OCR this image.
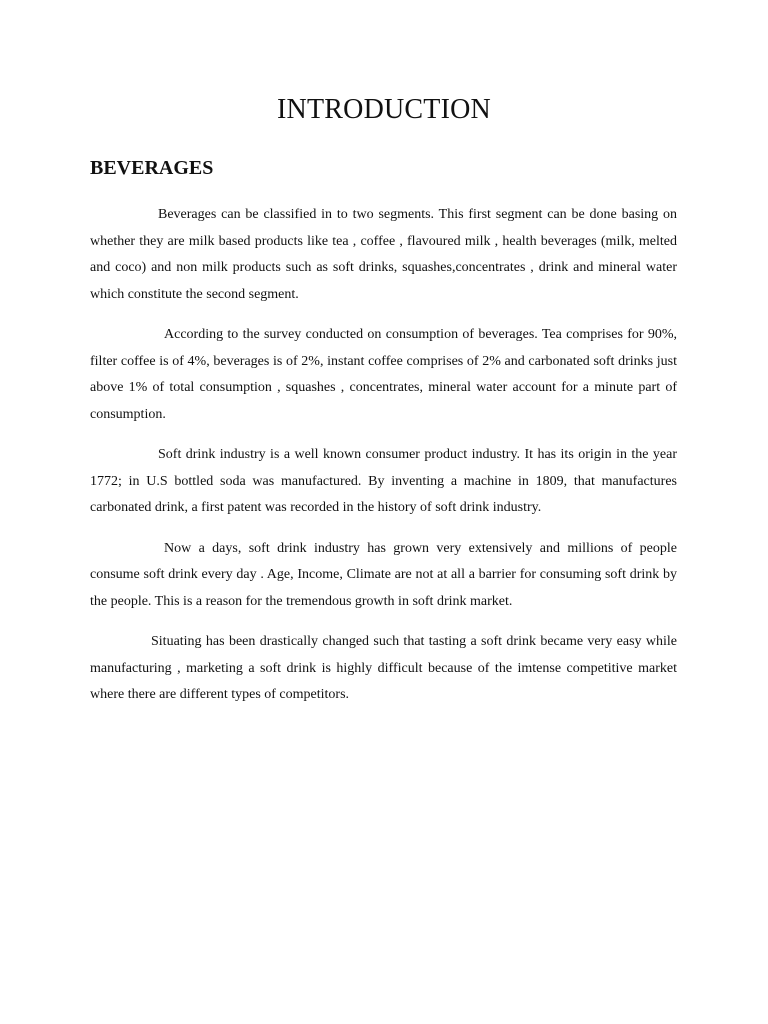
INTRODUCTION
BEVERAGES

Beverages can be classified in to two segments. This first segment can be done basing on whether they are milk based products like tea , coffee , flavoured milk , health beverages (milk, melted and coco) and non milk products such as soft drinks, squashes,concentrates , drink and mineral water which constitute the second segment.

According to the survey conducted on consumption of beverages. Tea comprises for 90%, filter coffee is of 4%, beverages is of 2%, instant coffee comprises of 2% and carbonated soft drinks just above 1% of total consumption , squashes , concentrates, mineral water account for a minute part of consumption.

Soft drink industry is a well known consumer product industry. It has its origin in the year 1772; in U.S bottled soda was manufactured. By inventing a machine in 1809, that manufactures carbonated drink, a first patent was recorded in the history of soft drink industry.

Now a days, soft drink industry has grown very extensively and millions of people consume soft drink every day . Age, Income, Climate are not at all a barrier for consuming soft drink by the people. This is a reason for the tremendous growth in soft drink market.

Situating has been drastically changed such that tasting a soft drink became very easy while manufacturing , marketing a soft drink is highly difficult because of the imtense competitive market where there are different types of competitors.
